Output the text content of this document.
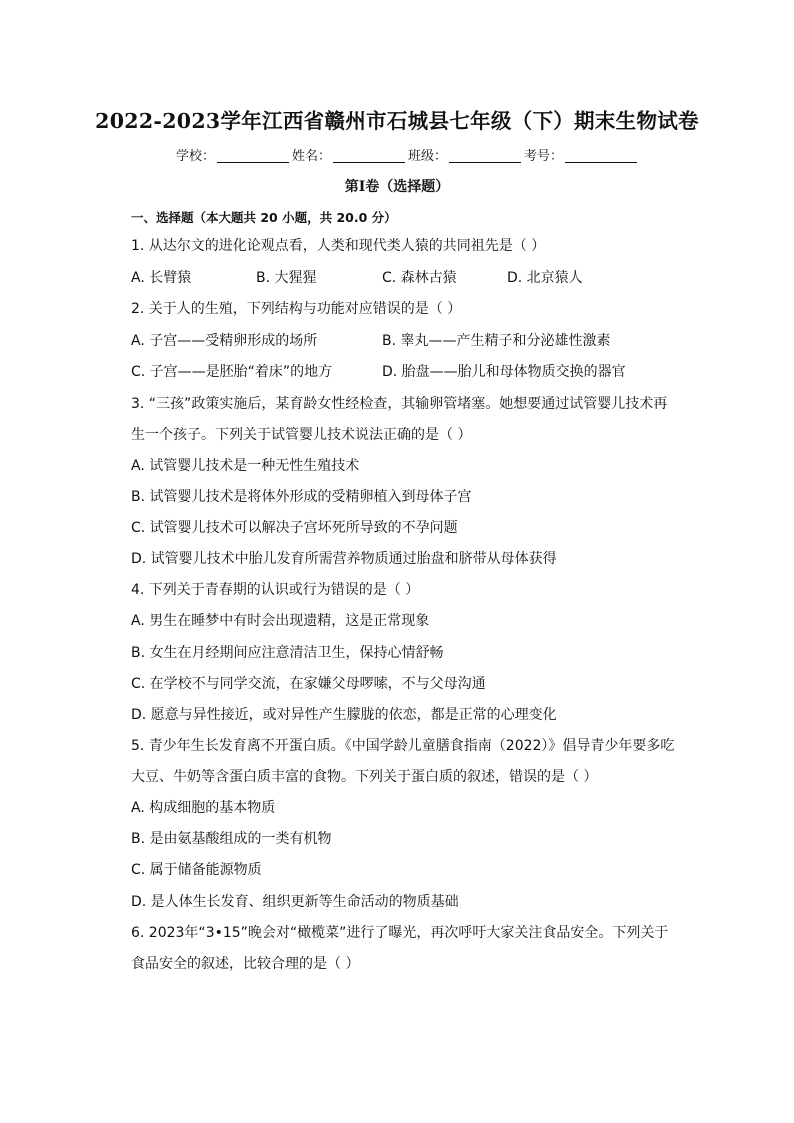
2022-2023学年江西省赣州市石城县七年级（下）期末生物试卷
学校：	姓名：	班级：	考号：
第I卷（选择题）
一、选择题（本大题共 20 小题，共 20.0 分）
1. 从达尔文的进化论观点看，人类和现代类人猿的共同祖先是（ ）
A. 长臂猿	B. 大猩猩	C. 森林古猿	D. 北京猿人
2. 关于人的生殖，下列结构与功能对应错误的是（ ）
A. 子宫——受精卵形成的场所	B. 睾丸——产生精子和分泌雄性激素
C. 子宫——是胚胎“着床”的地方	D. 胎盘——胎儿和母体物质交换的器官
3. “三孩”政策实施后，某育龄女性经检查，其输卵管堵塞。她想要通过试管婴儿技术再
生一个孩子。下列关于试管婴儿技术说法正确的是（ ）
A. 试管婴儿技术是一种无性生殖技术
B. 试管婴儿技术是将体外形成的受精卵植入到母体子宫
C. 试管婴儿技术可以解决子宫坏死所导致的不孕问题
D. 试管婴儿技术中胎儿发育所需营养物质通过胎盘和脐带从母体获得
4. 下列关于青春期的认识或行为错误的是（ ）
A. 男生在睡梦中有时会出现遗精，这是正常现象
B. 女生在月经期间应注意清洁卫生，保持心情舒畅
C. 在学校不与同学交流，在家嫌父母啰嗦，不与父母沟通
D. 愿意与异性接近，或对异性产生朦胧的依恋，都是正常的心理变化
5. 青少年生长发育离不开蛋白质。《中国学龄儿童膳食指南（2022）》倡导青少年要多吃
大豆、牛奶等含蛋白质丰富的食物。下列关于蛋白质的叙述，错误的是（ ）
A. 构成细胞的基本物质
B. 是由氨基酸组成的一类有机物
C. 属于储备能源物质
D. 是人体生长发育、组织更新等生命活动的物质基础
6. 2023年“3•15”晚会对“橄榄菜”进行了曝光，再次呼吁大家关注食品安全。下列关于
食品安全的叙述，比较合理的是（ ）
